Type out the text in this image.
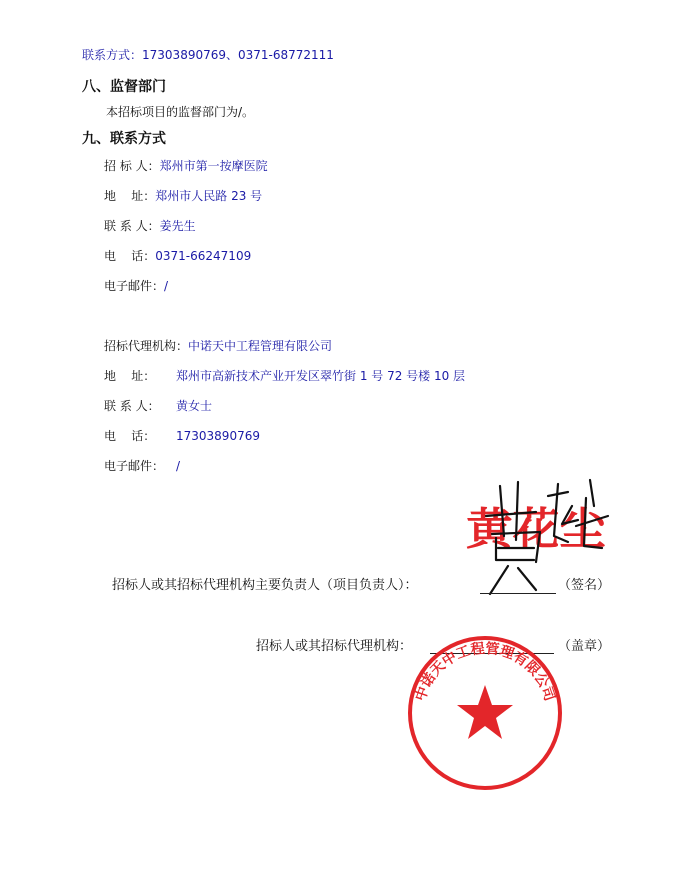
联系方式：17303890769、0371-68772111
八、监督部门
本招标项目的监督部门为/。
九、联系方式
招 标 人：郑州市第一按摩医院
地    址：郑州市人民路 23 号
联 系 人：姜先生
电    话：0371-66247109
电子邮件：/
招标代理机构：中诺天中工程管理有限公司
地    址： 郑州市高新技术产业开发区翠竹街 1 号 72 号楼 10 层
联 系 人： 黄女士
电    话： 17303890769
电子邮件： /
黄花尘
招标人或其招标代理机构主要负责人（项目负责人）：	（签名）
招标人或其招标代理机构：	（盖章）
中诺天中工程管理有限公司
